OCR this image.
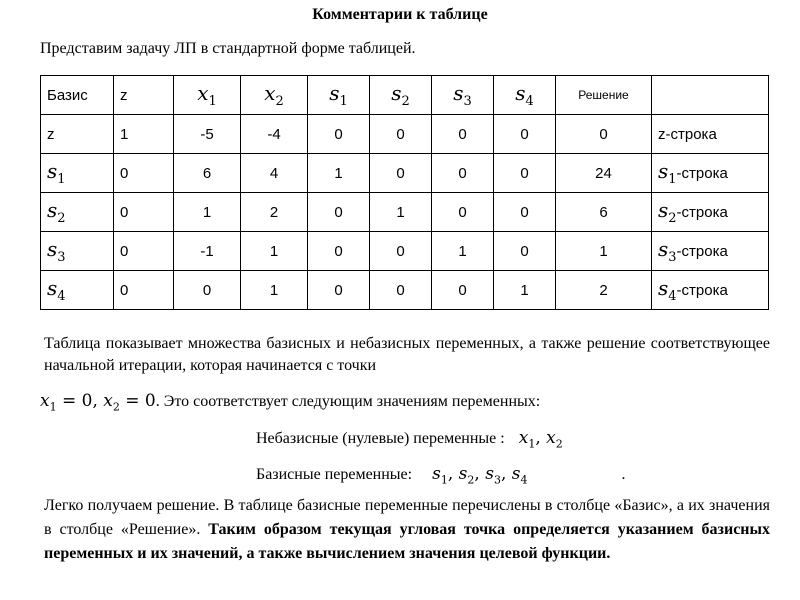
Комментарии к таблице
Представим задачу ЛП в стандартной форме таблицей.
Базис	z	$x_1$	$x_2$	$s_1$	$s_2$	$s_3$	$s_4$	Решение	
z	1	-5	-4	0	0	0	0	0	z-строка
$s_1$	0	6	4	1	0	0	0	24	$s_1$-строка
$s_2$	0	1	2	0	1	0	0	6	$s_2$-строка
$s_3$	0	-1	1	0	0	1	0	1	$s_3$-строка
$s_4$	0	0	1	0	0	0	1	2	$s_4$-строка
Таблица показывает множества базисных и небазисных переменных, а также решение соответствующее начальной итерации, которая начинается с точки
$x_1 = 0$, $x_2 = 0$. Это соответствует следующим значениям переменных:
Небазисные (нулевые) переменные : $x_1$, $x_2$
Базисные переменные: $s_1$, $s_2$, $s_3$, $s_4$	.
Легко получаем решение. В таблице базисные переменные перечислены в столбце «Базис», а их значения в столбце «Решение». Таким образом текущая угловая точка определяется указанием базисных переменных и их значений, а также вычислением значения целевой функции.
